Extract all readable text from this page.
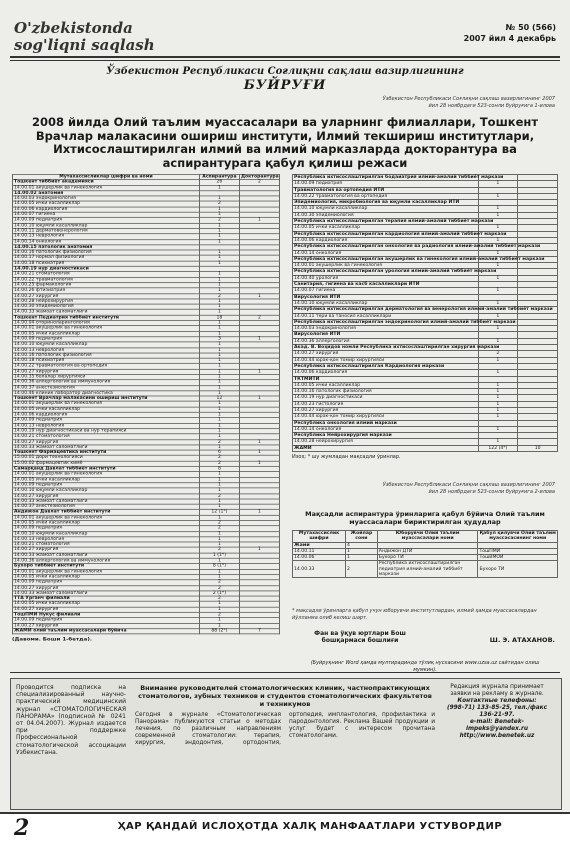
O'zbekistonda
sog'liqni saqlash
№ 50 (566)
2007 йил 4 декабрь
Ўзбекистон Республикаси Соғлиқни сақлаш вазирлигининг
БУЙРУҒИ
Ўзбекистон Республикаси Соғлиқни сақлаш вазирлигининг 2007 йил 28 ноябрдаги 523-сонли буйруғига 1-илова
2008 йилда Олий таълим муассасалари ва уларнинг филиаллари, Тошкент Врачлар малакасини ошириш институти, Илмий текшириш институтлари, Ихтисослаштирилган илмий ва илмий марказларда докторантура ва аспирантурага қабул қилиш режаси
Мутахассисликлар шифри ва номи	Аспирантура	Докторантура
Тошкент тиббиёт академияси	26	2
14.00.01 акушерлик ва гинекология	1	
14.00.02 анатомия		
14.00.03 эндокринология	1	
14.00.05 ички касалликлар	2	
14.00.06 кардиология	1	
14.00.07 гигиена	1	
14.00.09 педиатрия	2	1
14.00.10 юқумли касалликлар	1	
14.00.11 дерматовенерология	1	
14.00.13 неврология	1	
14.00.14 онкология	1	
14.00.15 патологик анатомия		
14.00.16 патологик физиология	1	
14.00.17 нормал физиология	1	
14.00.18 психиатрия	1	
14.00.19 нур диагностикаси		
14.00.21 стоматология	1	
14.00.22 травматология	1	
14.00.25 фармакология	1	
14.00.26 фтизиатрия	1	
14.00.27 хирургия	2	1
14.00.28 нейрохирургия	1	
14.00.30 эпидемиология	1	
14.00.33 жамоат саломатлиги	1	
Тошкент Педиатрия тиббиёт институти	18	2
14.00.04 оториноларингология	1	
14.00.01 акушерлик ва гинекология	1	
14.00.05 ички касалликлар	1	
14.00.09 педиатрия	3	1
14.00.10 юқумли касалликлар	1	
14.00.13 неврология	1	
14.00.16 патологик физиология	1	
14.00.18 психиатрия	1	
14.00.22 травматология ва ортопедия	1	
14.00.27 хирургия	1	1
14.00.35 болалар хирургияси	1	
14.00.36 аллергология ва иммунология	1	
14.00.37 анестезиология	1	
14.00.46 клиник лаборатор диагностика	1	
Тошкент Врачлар малакасини ошириш институти	12	1
14.00.01 акушерлик ва гинекология	1	
14.00.05 ички касалликлар	1	
14.00.06 кардиология	1	
14.00.09 педиатрия	1	
14.00.13 неврология	1	
14.00.19 нур диагностикаси ва нур терапияси	1	
14.00.21 стоматология	1	
14.00.27 хирургия	2	1
14.00.33 жамоат саломатлиги	1	
Тошкент Фармацевтика институти	6	1
15.00.01 дори технологияси	2	
15.00.02 фармацевтик кимё	2	1
Самарқанд Давлат тиббиёт институти	8	
14.00.01 акушерлик ва гинекология	1	
14.00.05 ички касалликлар	1	
14.00.09 педиатрия	1	
14.00.10 юқумли касалликлар	1	
14.00.27 хирургия	2	
14.00.33 жамоат саломатлиги	1	
14.00.37 анестезиология	1	
Андижон Давлат тиббиёт институти	12 (1*)	1
14.00.01 акушерлик ва гинекология	1	
14.00.05 ички касалликлар	2	
14.00.09 педиатрия	2	
14.00.10 юқумли касалликлар	1	
14.00.13 неврология	1	
14.00.21 стоматология	1	
14.00.27 хирургия	2	1
14.00.33 жамоат саломатлиги	1 (1*)	
14.00.36 аллергология ва иммунология	1	
Бухоро тиббиёт институти	8 (1*)	
14.00.01 акушерлик ва гинекология	1	
14.00.05 ички касалликлар	1	
14.00.09 педиатрия	2	
14.00.27 хирургия	2	
14.00.33 жамоат саломатлиги	2 (1*)	
ТТА Урганч филиали	2	
14.00.05 ички касалликлар	1	
14.00.27 хирургия	1	
ТошПМИ Нукус филиали	2	
14.00.09 педиатрия	1	
14.00.27 хирургия	1	
ЖАМИ олий таълим муассасалари бўйича	88 (2*)	7
(Давоми. Боши 1-бетда).
Республика ихтисослаштирилган бодаиатрия илмий-амалий тиббиёт маркази		
14.00.09 педиатрия	1	
Травматология ва ортопедия ИТИ		
14.00.22 травматология ва ортопедия	1	
Эпидемиология, микробиология ва юқумли касалликлар ИТИ		
14.00.10 юқумли касалликлар	1	
14.00.30 эпидемиология	1	
Республика ихтисослаштирилган терапия илмий-амалий тиббиёт маркази		
14.00.05 ички касалликлар	1	
Республика ихтисослаштирилган кардиология илмий-амалий тиббиёт маркази		
14.00.06 кардиология	1	
Республика ихтисослаштирилган онкология ва радиология илмий-амалий тиббиёт маркази		
14.00.14 онкология	1	
Республика ихтисослаштирилган акушерлик ва гинекология илмий-амалий тиббиёт маркази		
14.00.01 акушерлик ва гинекология	1	
Республика ихтисослаштирилган урология илмий-амалий тиббиёт маркази		
14.00.40 урология	1	
Санитария, гигиена ва касб касалликлари ИТИ		
14.00.07 гигиена	1	
Вирусология ИТИ		
14.00.10 юқумли касалликлар	1	
Республика ихтисослаштирилган дерматология ва венерология илмий-амалий тиббиёт маркази		
14.00.11 тери ва таносил касалликлари	1	
Республика ихтисослаштирилган эндокринология илмий-амалий тиббиёт маркази		
14.00.03 эндокринология	1	
Вирусология ИТИ		
14.00.36 аллергология	1	
Акад. В. Воҳидов номли Республика ихтисослаштирилган хирургия маркази		
14.00.27 хирургия	2	
14.00.44 юрак-қон томир хирургияси	1	
Республика ихтисослаштирилган Кардиология маркази		
14.00.06 кардиология	1	
ТКТМИТИ		
14.00.05 ички касалликлар	1	
14.00.16 патологик физиология	1	
14.00.19 нур диагностикаси	1	
14.00.23 гистология	1	
14.00.27 хирургия	1	
14.00.44 юрак-қон томир хирургияси	1	
Республика онкология илмий маркази		
14.00.14 онкология	1	
Республика Нейрохирургия маркази		
14.00.28 нейрохирургия	1	
ЖАМИ	122 (4*)	10
Изоҳ: * шу жумладан мақсадли ўринлар.
Ўзбекистон Республикаси Соғлиқни сақлаш вазирлигининг 2007 йил 28 ноябрдаги 523-сонли буйруғига 2-илова
Мақсадли аспирантура ўринларига қабул бўйича Олий таълим муассасалари бириктирилган ҳудудлар
Мутахассислик шифри	Жойлар сони	Юборувчи Олий таълим муассасалари номи	Қабул қилувчи Олий таълим муассасасининг номи
Жами	4		
14.00.11	1	Андижон ДТИ	ТошПМИ
14.00.06	1	Бухоро ТИ	ТошВМОИ
14.00.33	2	Республика ихтисослаштирилган педиатрия илмий-амалий тиббиёт маркази	Бухоро ТИ
* мақсадли ўринларга қабул учун юборувчи институтлардан, илмий ҳамда муассасалардан йўлланма олиб келиш шарт.
Фан ва ўқув юртлари Бош бошқармаси бошлиғи	Ш. Э. АТАХАНОВ.
(Буйруқнинг Word ҳамда мултирадинда тўлиқ нусхасини www.uzsa.uz сайтидан олиш мумкин).
Проводится подписка на специализированный научно-практический медицинский журнал «СТОМАТОЛОГИЧЕСКАЯ ПАНОРАМА» (подписной № 0241 от 04.04.2007). Журнал издается при поддержке Профессиональной стоматологической ассоциации Узбекистана.
Внимание руководителей стоматологических клиник, частнопрактикующих стоматологов, зубных техников и студентов стоматологических факультетов и техникумов
Сегодня в журнале «Стоматологическая Панорама» публикуются статьи о методах лечения, по различным направлениям современной стоматологии: терапия, хирургия, эндодонтия, ортодонтия, ортопедия, имплантология, профилактика и пародонтология. Реклама Вашей продукции и услуг будет с интересом прочитана стоматологами.
Редакция журнала принимает заявки на рекламу в журнале.
Контактные телефоны:
(998-71) 133-85-25, тел./факс 136-21-97.
e-mail: Benetek-impeks@yandex.ru
http://www.benetek.uz
2	ҲАР ҚАНДАЙ ИСЛОҲОТДА ХАЛҚ МАНФААТЛАРИ УСТУВОРДИР
